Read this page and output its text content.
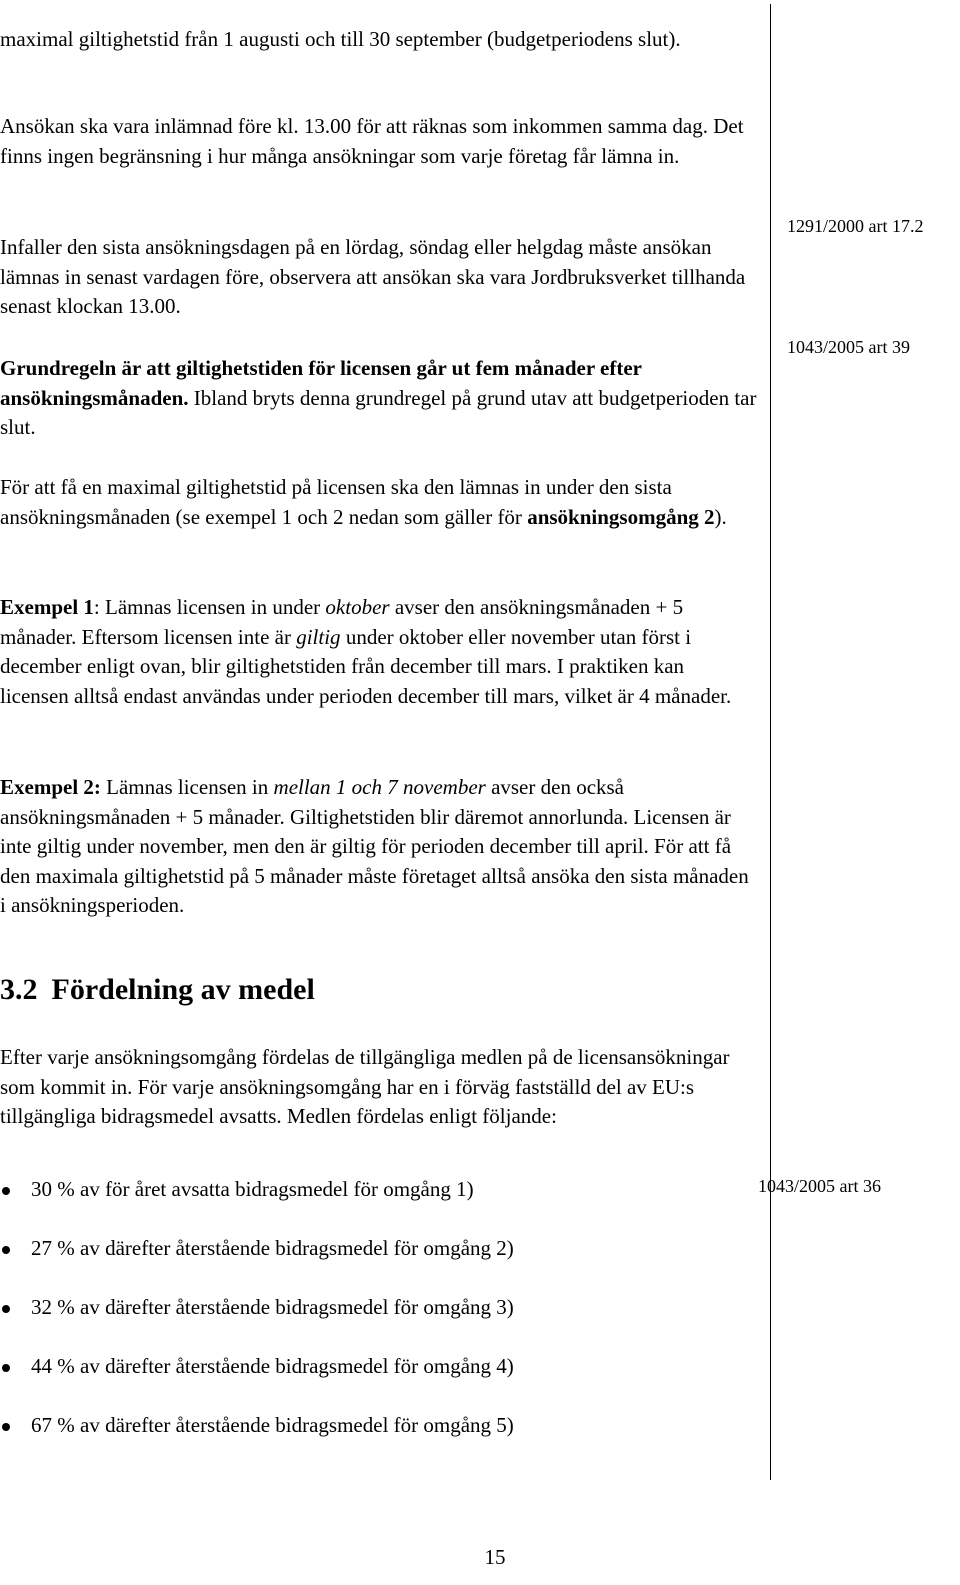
maximal giltighetstid från 1 augusti och till 30 september (budgetperiodens slut).

Ansökan ska vara inlämnad före kl. 13.00 för att räknas som inkommen samma dag. Det finns ingen begränsning i hur många ansökningar som varje företag får lämna in.

Infaller den sista ansökningsdagen på en lördag, söndag eller helgdag måste ansökan lämnas in senast vardagen före, observera att ansökan ska vara Jordbruksverket tillhanda senast klockan 13.00.

Grundregeln är att giltighetstiden för licensen går ut fem månader efter ansökningsmånaden. Ibland bryts denna grundregel på grund utav att budgetperioden tar slut.

För att få en maximal giltighetstid på licensen ska den lämnas in under den sista ansökningsmånaden (se exempel 1 och 2 nedan som gäller för ansökningsomgång 2).

Exempel 1: Lämnas licensen in under oktober avser den ansökningsmånaden + 5 månader. Eftersom licensen inte är giltig under oktober eller november utan först i december enligt ovan, blir giltighetstiden från december till mars. I praktiken kan licensen alltså endast användas under perioden december till mars, vilket är 4 månader.

Exempel 2: Lämnas licensen in mellan 1 och 7 november avser den också ansökningsmånaden + 5 månader. Giltighetstiden blir däremot annorlunda. Licensen är inte giltig under november, men den är giltig för perioden december till april. För att få den maximala giltighetstid på 5 månader måste företaget alltså ansöka den sista månaden i ansökningsperioden.

3.2 Fördelning av medel

Efter varje ansökningsomgång fördelas de tillgängliga medlen på de licensansökningar som kommit in. För varje ansökningsomgång har en i förväg fastställd del av EU:s tillgängliga bidragsmedel avsatts. Medlen fördelas enligt följande:

30 % av för året avsatta bidragsmedel för omgång 1)
27 % av därefter återstående bidragsmedel för omgång 2)
32 % av därefter återstående bidragsmedel för omgång 3)
44 % av därefter återstående bidragsmedel för omgång 4)
67 % av därefter återstående bidragsmedel för omgång 5)
1291/2000 art 17.2
1043/2005 art 39
1043/2005 art 36
15
